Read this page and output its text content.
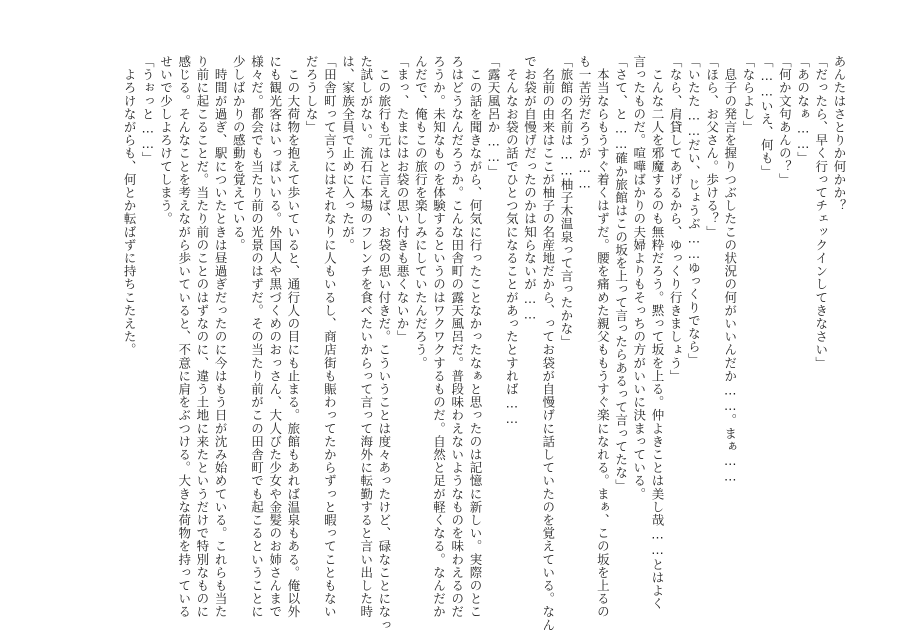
あんたはさとりか何かか？
「だったら、早く行ってチェックインしてきなさい」
「あのなぁ……」
「何か文句あんの？」
「……いえ、何も」
「ならよし」
　息子の発言を握りつぶしたこの状況の何がいいんだか……。まぁ……
「ほら、お父さん。歩ける？」
「いたた……だい、じょうぶ……ゆっくりでなら」
「なら、肩貸してあげるから、ゆっくり行きましょう」
　こんな二人を邪魔するのも無粋だろう。黙って坂を上る。仲よきことは美し哉……とはよく
言ったものだ。喧嘩ばかりの夫婦よりもそっちの方がいいに決まっている。
「さて、と……確か旅館はこの坂を上って言ったらあるって言ってたな」
　本当ならもうすぐ着くはずだ。腰を痛めた親父ももうすぐ楽になれる。まぁ、この坂を上るの
も一苦労だろうが……
「旅館の名前は……柚子木温泉って言ったかな」
　名前の由来はここが柚子の名産地だから、ってお袋が自慢げに話していたのを覚えている。なん
でお袋が自慢げだったのかは知らないが……
　そんなお袋の話でひとつ気になることがあったとすれば……
「露天風呂か……」
　この話を聞きながら、何気に行ったことなかったなぁと思ったのは記憶に新しい。実際のとこ
ろはどうなんだろうか。こんな田舎町の露天風呂だ。普段味わえないようなものを味わえるのだ
ろうか。未知なものを体験するというのはワクワクするものだ。自然と足が軽くなる。なんだか
んだで、俺もこの旅行を楽しみにしていたんだろう。
「まっ、たまにはお袋の思い付きも悪くないか」
　この旅行も元はと言えば、お袋の思い付きだ。こういうことは度々あったけど、碌なことになっ
た試しがない。流石に本場のフレンチを食べたいからって言って海外に転勤すると言い出した時
は、家族全員で止めに入ったが。
「田舎町って言うにはそれなりに人もいるし、商店街も賑わってたからずっと暇ってこともない
だろうしな」
　この大荷物を抱えて歩いていると、通行人の目にも止まる。旅館もあれば温泉もある。俺以外
にも観光客はいっぱいいる。外国人や黒づくめのおっさん、大人びた少女や金髪のお姉さんまで
様々だ。都会でも当たり前の光景のはずだ。その当たり前がこの田舎町でも起こるということに
少しばかりの感動を覚えている。
　時間が過ぎ、駅についたときは昼過ぎだったのに今はもう日が沈み始めている。これらも当た
り前に起こることだ。当たり前のことのはずなのに、違う土地に来たというだけで特別なものに
感じる。そんなことを考えながら歩いていると、不意に肩をぶつける。大きな荷物を持っている
せいで少しよろけてしまう。
「うぉっと……」
　よろけながらも、何とか転ばずに持ちこたえた。
